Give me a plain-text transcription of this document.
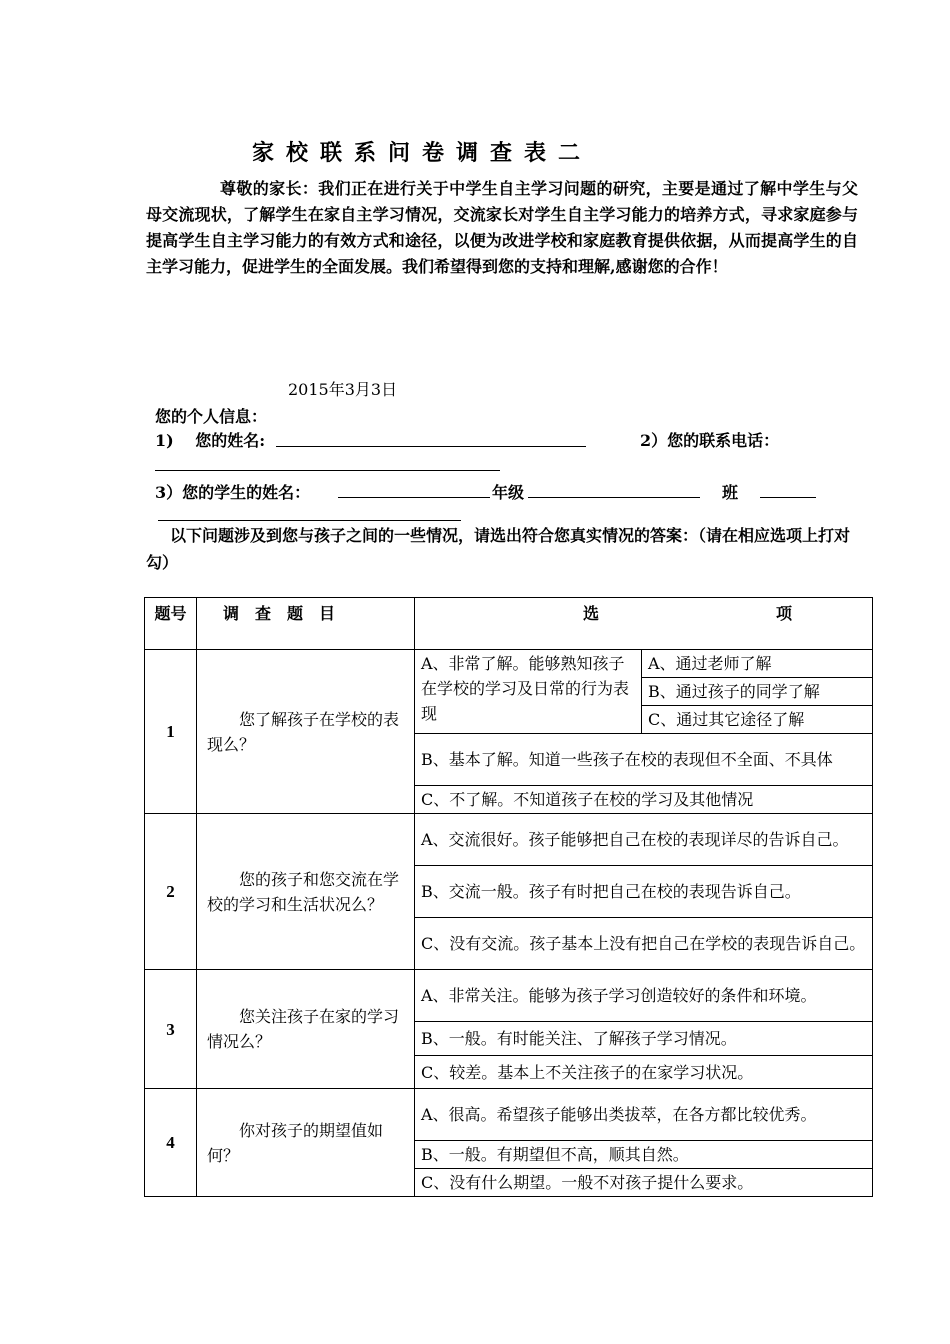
家校联系问卷调查表二
尊敬的家长：我们正在进行关于中学生自主学习问题的研究，主要是通过了解中学生与父母交流现状，了解学生在家自主学习情况，交流家长对学生自主学习能力的培养方式，寻求家庭参与提高学生自主学习能力的有效方式和途径，以便为改进学校和家庭教育提供依据，从而提高学生的自主学习能力，促进学生的全面发展。我们希望得到您的支持和理解,感谢您的合作！
2015年3月3日
您的个人信息：
1)　 您的姓名:	2）您的联系电话：
3）您的学生的姓名：	年级	班
以下问题涉及到您与孩子之间的一些情况，请选出符合您真实情况的答案：（请在相应选项上打对勾）
题号	调　查　题　目	选 项	

1	您了解孩子在学校的表现么？	A、非常了解。能够熟知孩子在学校的学习及日常的行为表现	A、通过老师了解
			B、通过孩子的同学了解
			C、通过其它途径了解
		B、基本了解。知道一些孩子在校的表现但不全面、不具体	
		C、不了解。不知道孩子在校的学习及其他情况	
2	您的孩子和您交流在学校的学习和生活状况么？	A、交流很好。孩子能够把自己在校的表现详尽的告诉自己。	
		B、交流一般。孩子有时把自己在校的表现告诉自己。	
		C、没有交流。孩子基本上没有把自己在学校的表现告诉自己。	
3	您关注孩子在家的学习情况么？	A、非常关注。能够为孩子学习创造较好的条件和环境。	
		B、一般。有时能关注、了解孩子学习情况。	
		C、较差。基本上不关注孩子的在家学习状况。	
4	你对孩子的期望值如何？	A、很高。希望孩子能够出类拔萃，在各方都比较优秀。	
		B、一般。有期望但不高，顺其自然。	
		C、没有什么期望。一般不对孩子提什么要求。	
